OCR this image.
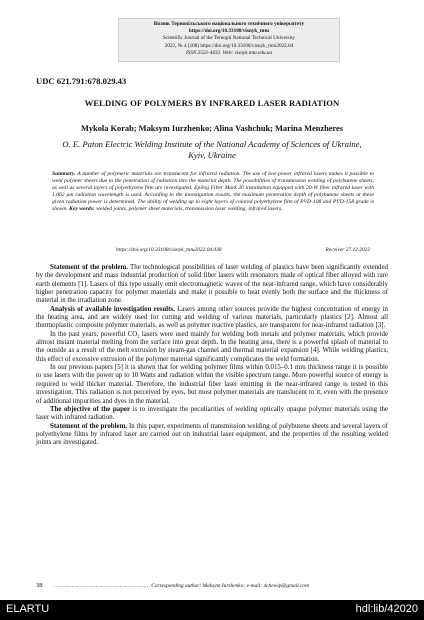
Вісник Тернопільського національного технічного університету
https://doi.org/10.33108/visnyk_tntu
Scientific Journal of the Ternopil National Technical University
2022, № 4 (108) https://doi.org/10.33108/visnyk_tntu2022.04
ISSN 2522-4433. Web: visnyk.tntu.edu.ua
UDC 621.791:678.029.43
WELDING OF POLYMERS BY INFRARED LASER RADIATION
Mykola Korab; Maksym Iurzhenko; Alina Vashchuk; Marina Menzheres
O. E. Paton Electric Welding Institute of the National Academy of Sciences of Ukraine, Kyiv, Ukraine
Summary. A number of polymeric materials are translucent for infrared radiation. The use of low-power infrared lasers makes it possible to weld polymer sheets due to the penetration of radiation into the material depth. The possibilities of transmission welding of polybutene sheets, as well as several layers of polyethylene film are investigated. Epilog Fiber Mark 20 installation equipped with 20-W fiber infrared laser with 1.062 μm radiation wavelength is used. According to the investigation results, the maximum penetration depth of polybutene sheets at these given radiation power is determined. The ability of welding up to eight layers of colored polyethylene film of PVD-108 and PVD-158 grade is shown. Key words: welded joints, polymer sheet materials, transmission laser welding, infrared lasers.
https://doi.org/10.33108/visnyk_tntu2022.04.038	Receiver 27.12.2022

Statement of the problem. The technological possibilities of laser welding of plastics have been significantly extended by the development and mass industrial production of solid fiber lasers with resonators made of optical fiber alloyed with rare earth elements [1]. Lasers of this type usually emit electromagnetic waves of the near-infrared range, which have considerably higher penetration capacity for polymer materials and make it possible to heat evenly both the surface and the thickness of material in the irradiation zone.

Analysis of available investigation results. Lasers among other sources provide the highest concentration of energy in the heating area, and are widely used for cutting and welding of various materials, particularly plastics [2]. Almost all thermoplastic composite polymer materials, as well as polymer reactive plastics, are transparent for near-infrared radiation [3].

In the past years, powerful CO₂ lasers were used mainly for welding both metals and polymer materials, which provide almost instant material melting from the surface into great depth. In the heating area, there is a powerful splash of material to the outside as a result of the melt extrusion by steam-gas channel and thermal material expansion [4]. While welding plastics, this effect of excessive extrusion of the polymer material significantly complicates the weld formation.

In our previous papers [5] it is shown that for welding polymer films within 0.015–0.1 mm thickness range it is possible to use lasers with the power up to 10 Watts and radiation within the visible spectrum range. More powerful source of energy is required to weld thicker material. Therefore, the industrial fiber laser emitting in the near-infrared range is tested in this investigation. This radiation is not perceived by eyes, but most polymer materials are translucent to it, even with the presence of additional impurities and dyes in the material.

The objective of the paper is to investigate the peculiarities of welding optically opaque polymer materials using the laser with infrared radiation.

Statement of the problem. In this paper, experiments of transmission welding of polybutene sheets and several layers of polyethylene films by infrared laser are carried out on industrial laser equipment, and the properties of the resulting welded joints are investigated.

38 …………………………………………………… Corresponding author: Maksym Iurzhenko; e-mail: 4chewip@gmail.com
ELARTU	hdl:lib/42020
